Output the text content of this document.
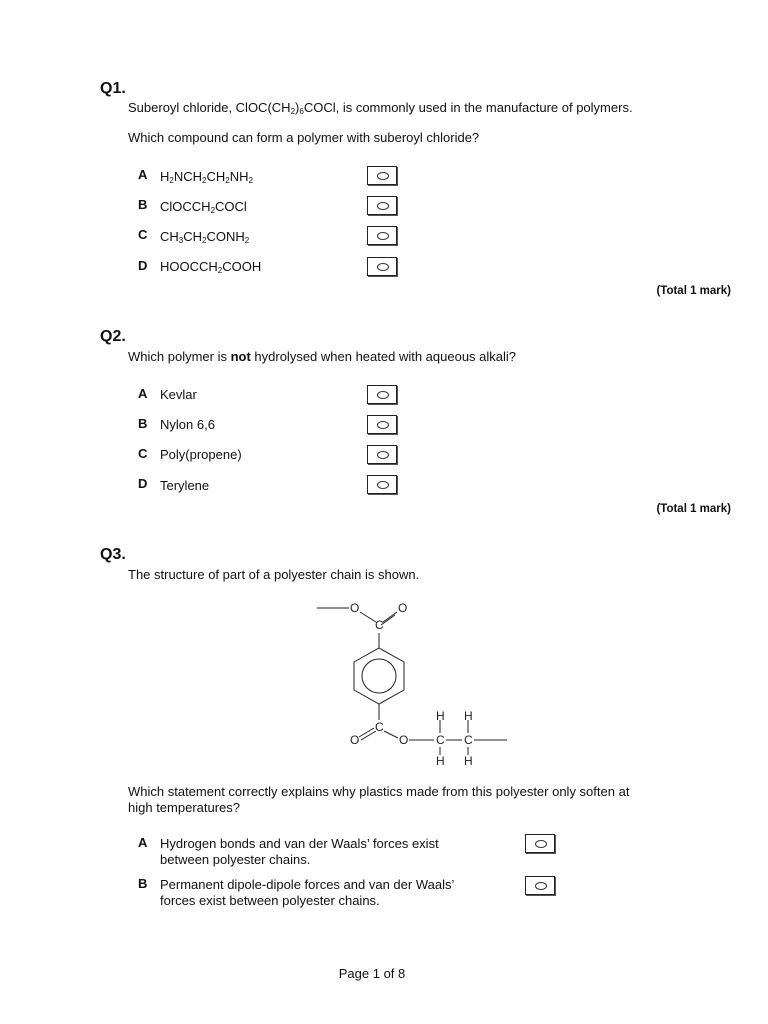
Q1.
Suberoyl chloride, $ClOC(CH_2)_6COCl$, is commonly used in the manufacture of polymers.
Which compound can form a polymer with suberoyl chloride?
A $H_2NCH_2CH_2NH_2$
B ClOCCH$_2$COCl
C $CH_3CH_2CONH_2$
D $HOOCCH_2COOH$
(Total 1 mark)
Q2.
Which polymer is not hydrolysed when heated with aqueous alkali?
A Kevlar
B Nylon 6,6
C Poly(propene)
D Terylene
(Total 1 mark)
Q3.
The structure of part of a polyester chain is shown.
O	O
C
C
O	O C C
H H
H H
Which statement correctly explains why plastics made from this polyester only soften at
high temperatures?
A Hydrogen bonds and van der Waals’ forces exist
between polyester chains.
B Permanent dipole-dipole forces and van der Waals’
forces exist between polyester chains.
Page 1 of 8
